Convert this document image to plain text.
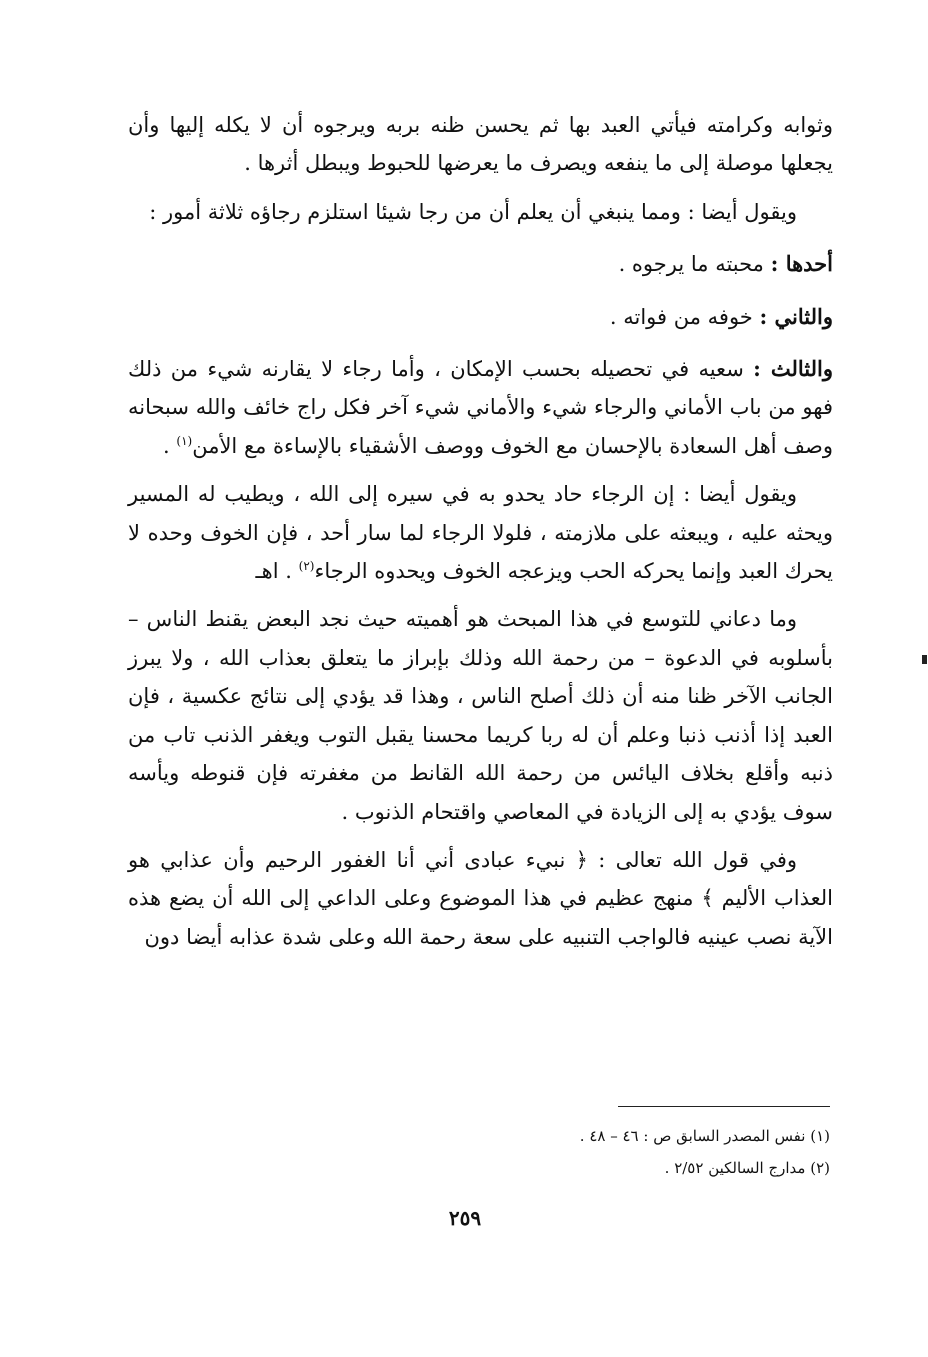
وثوابه وكرامته فيأتي العبد بها ثم يحسن ظنه بربه ويرجوه أن لا يكله إليها وأن يجعلها موصلة إلى ما ينفعه ويصرف ما يعرضها للحبوط ويبطل أثرها .

ويقول أيضا : ومما ينبغي أن يعلم أن من رجا شيئا استلزم رجاؤه ثلاثة أمور :

أحدها : محبته ما يرجوه .

والثاني : خوفه من فواته .

والثالث : سعيه في تحصيله بحسب الإمكان ، وأما رجاء لا يقارنه شيء من ذلك فهو من باب الأماني والرجاء شيء والأماني شيء آخر فكل راج خائف والله سبحانه وصف أهل السعادة بالإحسان مع الخوف ووصف الأشقياء بالإساءة مع الأمن$^{(١)}$ .

ويقول أيضا : إن الرجاء حاد يحدو به في سيره إلى الله ، ويطيب له المسير ويحثه عليه ، ويبعثه على ملازمته ، فلولا الرجاء لما سار أحد ، فإن الخوف وحده لا يحرك العبد وإنما يحركه الحب ويزعجه الخوف ويحدوه الرجاء$^{(٢)}$ . اهـ

وما دعاني للتوسع في هذا المبحث هو أهميته حيث نجد البعض يقنط الناس – بأسلوبه في الدعوة – من رحمة الله وذلك بإبراز ما يتعلق بعذاب الله ، ولا يبرز الجانب الآخر ظنا منه أن ذلك أصلح الناس ، وهذا قد يؤدي إلى نتائج عكسية ، فإن العبد إذا أذنب ذنبا وعلم أن له ربا كريما محسنا يقبل التوب ويغفر الذنب تاب من ذنبه وأقلع بخلاف اليائس من رحمة الله القانط من مغفرته فإن قنوطه ويأسه سوف يؤدي به إلى الزيادة في المعاصي واقتحام الذنوب .

وفي قول الله تعالى : ﴿ نبيء عبادى أني أنا الغفور الرحيم وأن عذابي هو العذاب الأليم ﴾ منهج عظيم في هذا الموضوع وعلى الداعي إلى الله أن يضع هذه الآية نصب عينيه فالواجب التنبيه على سعة رحمة الله وعلى شدة عذابه أيضا دون

(١) نفس المصدر السابق ص : ٤٦ – ٤٨ .

(٢) مدارج السالكين ٢/٥٢ .

٢٥٩
